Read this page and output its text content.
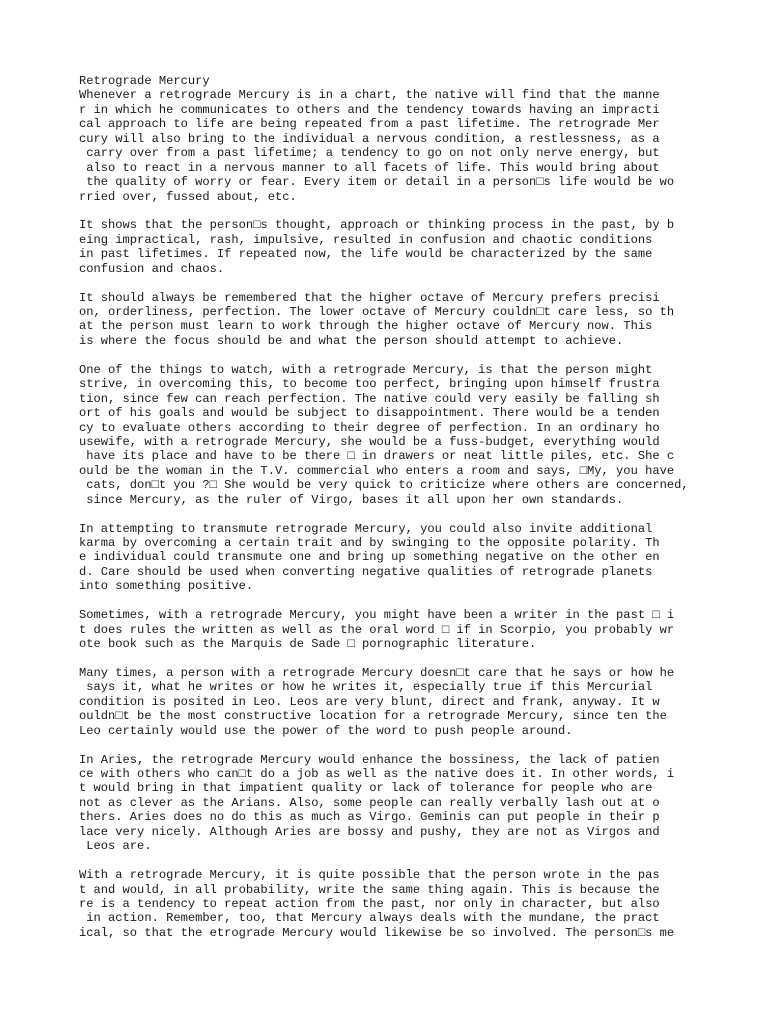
Retrograde Mercury
Whenever a retrograde Mercury is in a chart, the native will find that the manne
r in which he communicates to others and the tendency towards having an impracti
cal approach to life are being repeated from a past lifetime. The retrograde Mer
cury will also bring to the individual a nervous condition, a restlessness, as a
carry over from a past lifetime; a tendency to go on not only nerve energy, but
also to react in a nervous manner to all facets of life. This would bring about
the quality of worry or fear. Every item or detail in a person□s life would be wo
rried over, fussed about, etc.
It shows that the person□s thought, approach or thinking process in the past, by b
eing impractical, rash, impulsive, resulted in confusion and chaotic conditions
in past lifetimes. If repeated now, the life would be characterized by the same
confusion and chaos.
It should always be remembered that the higher octave of Mercury prefers precisi
on, orderliness, perfection. The lower octave of Mercury couldn□t care less, so th
at the person must learn to work through the higher octave of Mercury now. This
is where the focus should be and what the person should attempt to achieve.
One of the things to watch, with a retrograde Mercury, is that the person might
strive, in overcoming this, to become too perfect, bringing upon himself frustra
tion, since few can reach perfection. The native could very easily be falling sh
ort of his goals and would be subject to disappointment. There would be a tenden
cy to evaluate others according to their degree of perfection. In an ordinary ho
usewife, with a retrograde Mercury, she would be a fuss-budget, everything would
have its place and have to be there □ in drawers or neat little piles, etc. She c
ould be the woman in the T.V. commercial who enters a room and says, □My, you have
cats, don□t you ?□ She would be very quick to criticize where others are concerned,
since Mercury, as the ruler of Virgo, bases it all upon her own standards.
In attempting to transmute retrograde Mercury, you could also invite additional
karma by overcoming a certain trait and by swinging to the opposite polarity. Th
e individual could transmute one and bring up something negative on the other en
d. Care should be used when converting negative qualities of retrograde planets
into something positive.
Sometimes, with a retrograde Mercury, you might have been a writer in the past □ i
t does rules the written as well as the oral word □ if in Scorpio, you probably wr
ote book such as the Marquis de Sade □ pornographic literature.
Many times, a person with a retrograde Mercury doesn□t care that he says or how he
says it, what he writes or how he writes it, especially true if this Mercurial
condition is posited in Leo. Leos are very blunt, direct and frank, anyway. It w
ouldn□t be the most constructive location for a retrograde Mercury, since ten the
Leo certainly would use the power of the word to push people around.
In Aries, the retrograde Mercury would enhance the bossiness, the lack of patien
ce with others who can□t do a job as well as the native does it. In other words, i
t would bring in that impatient quality or lack of tolerance for people who are
not as clever as the Arians. Also, some people can really verbally lash out at o
thers. Aries does no do this as much as Virgo. Geminis can put people in their p
lace very nicely. Although Aries are bossy and pushy, they are not as Virgos and
Leos are.
With a retrograde Mercury, it is quite possible that the person wrote in the pas
t and would, in all probability, write the same thing again. This is because the
re is a tendency to repeat action from the past, nor only in character, but also
in action. Remember, too, that Mercury always deals with the mundane, the pract
ical, so that the etrograde Mercury would likewise be so involved. The person□s me
